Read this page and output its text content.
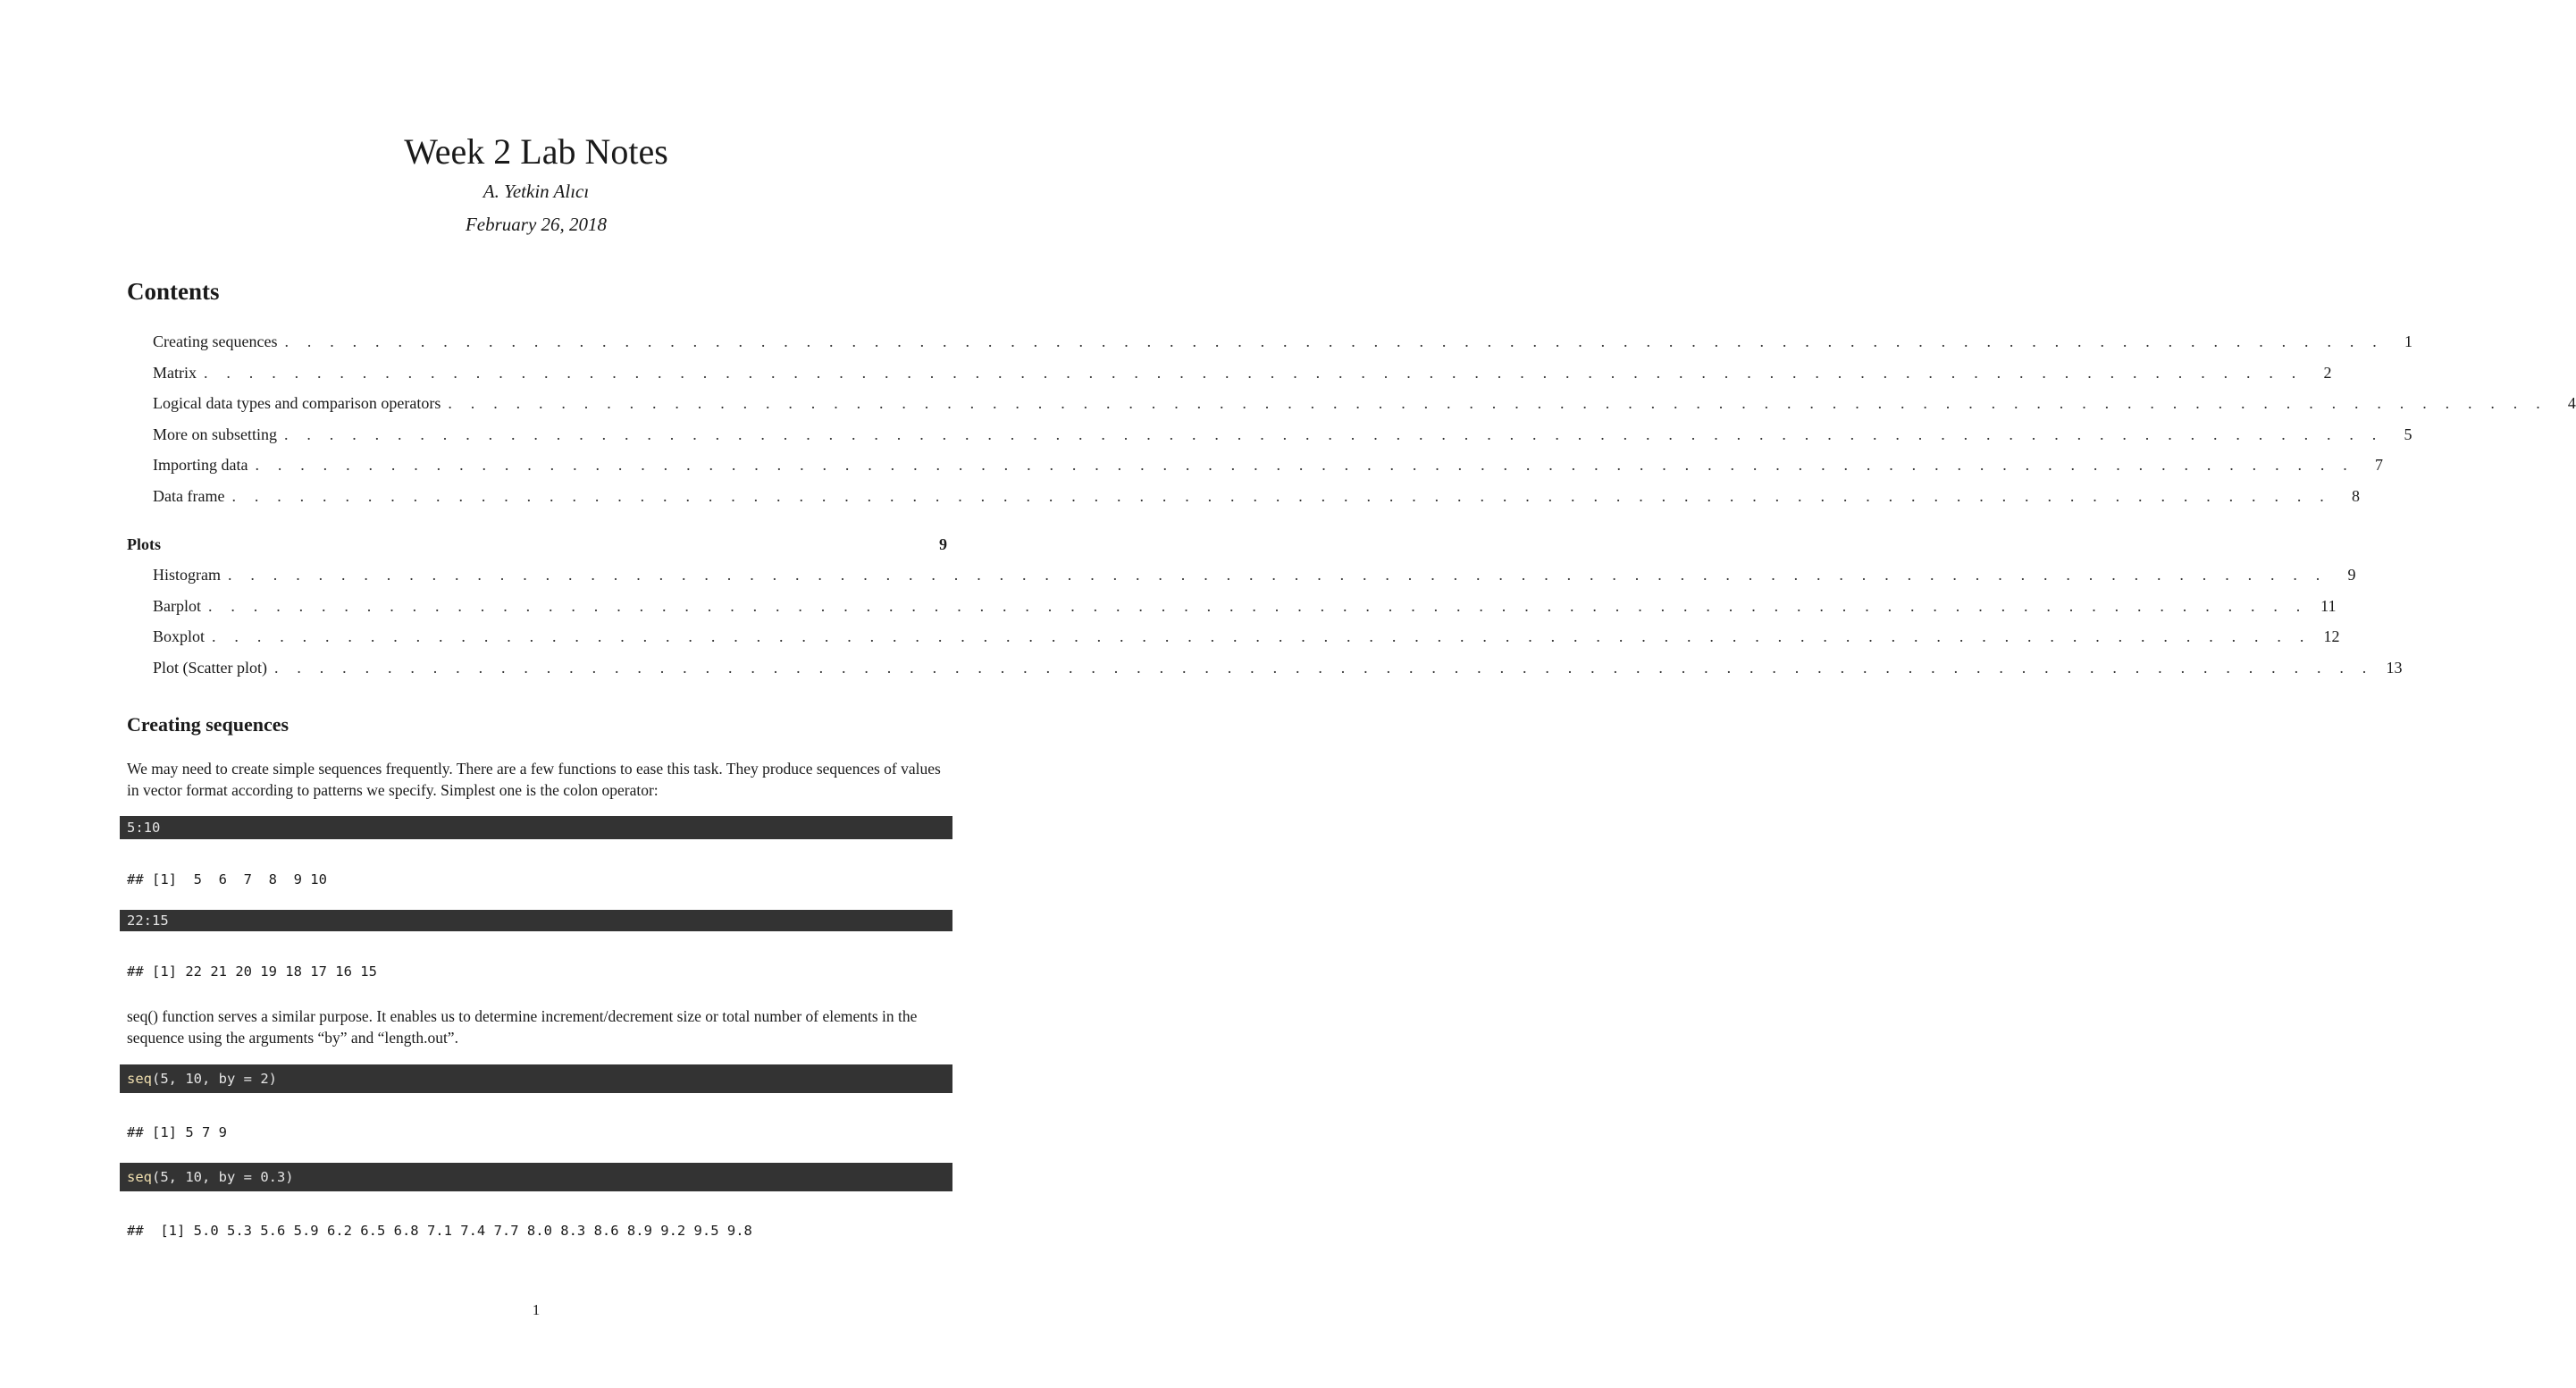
Week 2 Lab Notes
A. Yetkin Alıcı
February 26, 2018
Contents
Creating sequences . . . . . . . . . . . . . . . . . . . . . . . . . . . . . . . . . . . . . . . . . . . . . . . . . . . . . . . . . . . . . . . . . . . . . . . . . . . . . . . . . . . . . . . . . . . . .	1
Matrix . . . . . . . . . . . . . . . . . . . . . . . . . . . . . . . . . . . . . . . . . . . . . . . . . . . . . . . . . . . . . . . . . . . . . . . . . . . . . . . . . . . . . . . . . . . . .	2
Logical data types and comparison operators . . . . . . . . . . . . . . . . . . . . . . . . . . . . . . . . . . . . . . . . . . . . . . . . . . . . . . . . . . . . . . . . . . . . . . . . . . . . . . . . . . . . . . . . . . . . .	4
More on subsetting . . . . . . . . . . . . . . . . . . . . . . . . . . . . . . . . . . . . . . . . . . . . . . . . . . . . . . . . . . . . . . . . . . . . . . . . . . . . . . . . . . . . . . . . . . . . .	5
Importing data . . . . . . . . . . . . . . . . . . . . . . . . . . . . . . . . . . . . . . . . . . . . . . . . . . . . . . . . . . . . . . . . . . . . . . . . . . . . . . . . . . . . . . . . . . . . .	7
Data frame . . . . . . . . . . . . . . . . . . . . . . . . . . . . . . . . . . . . . . . . . . . . . . . . . . . . . . . . . . . . . . . . . . . . . . . . . . . . . . . . . . . . . . . . . . . . .	8
Plots	9
Histogram . . . . . . . . . . . . . . . . . . . . . . . . . . . . . . . . . . . . . . . . . . . . . . . . . . . . . . . . . . . . . . . . . . . . . . . . . . . . . . . . . . . . . . . . . . . . .	9
Barplot . . . . . . . . . . . . . . . . . . . . . . . . . . . . . . . . . . . . . . . . . . . . . . . . . . . . . . . . . . . . . . . . . . . . . . . . . . . . . . . . . . . . . . . . . . . . . 11
Boxplot . . . . . . . . . . . . . . . . . . . . . . . . . . . . . . . . . . . . . . . . . . . . . . . . . . . . . . . . . . . . . . . . . . . . . . . . . . . . . . . . . . . . . . . . . . . . . 12
Plot (Scatter plot) . . . . . . . . . . . . . . . . . . . . . . . . . . . . . . . . . . . . . . . . . . . . . . . . . . . . . . . . . . . . . . . . . . . . . . . . . . . . . . . . . . . . . . . . . . . . . 13
Creating sequences
We may need to create simple sequences frequently. There are a few functions to ease this task. They produce sequences of values in vector format according to patterns we specify. Simplest one is the colon operator:
5:10
## [1]  5  6  7  8  9 10
22:15
## [1] 22 21 20 19 18 17 16 15
seq() function serves a similar purpose. It enables us to determine increment/decrement size or total number of elements in the sequence using the arguments “by” and “length.out”.
seq (5, 10, by = 2)
## [1] 5 7 9
seq (5, 10, by = 0.3)
##  [1] 5.0 5.3 5.6 5.9 6.2 6.5 6.8 7.1 7.4 7.7 8.0 8.3 8.6 8.9 9.2 9.5 9.8
1
